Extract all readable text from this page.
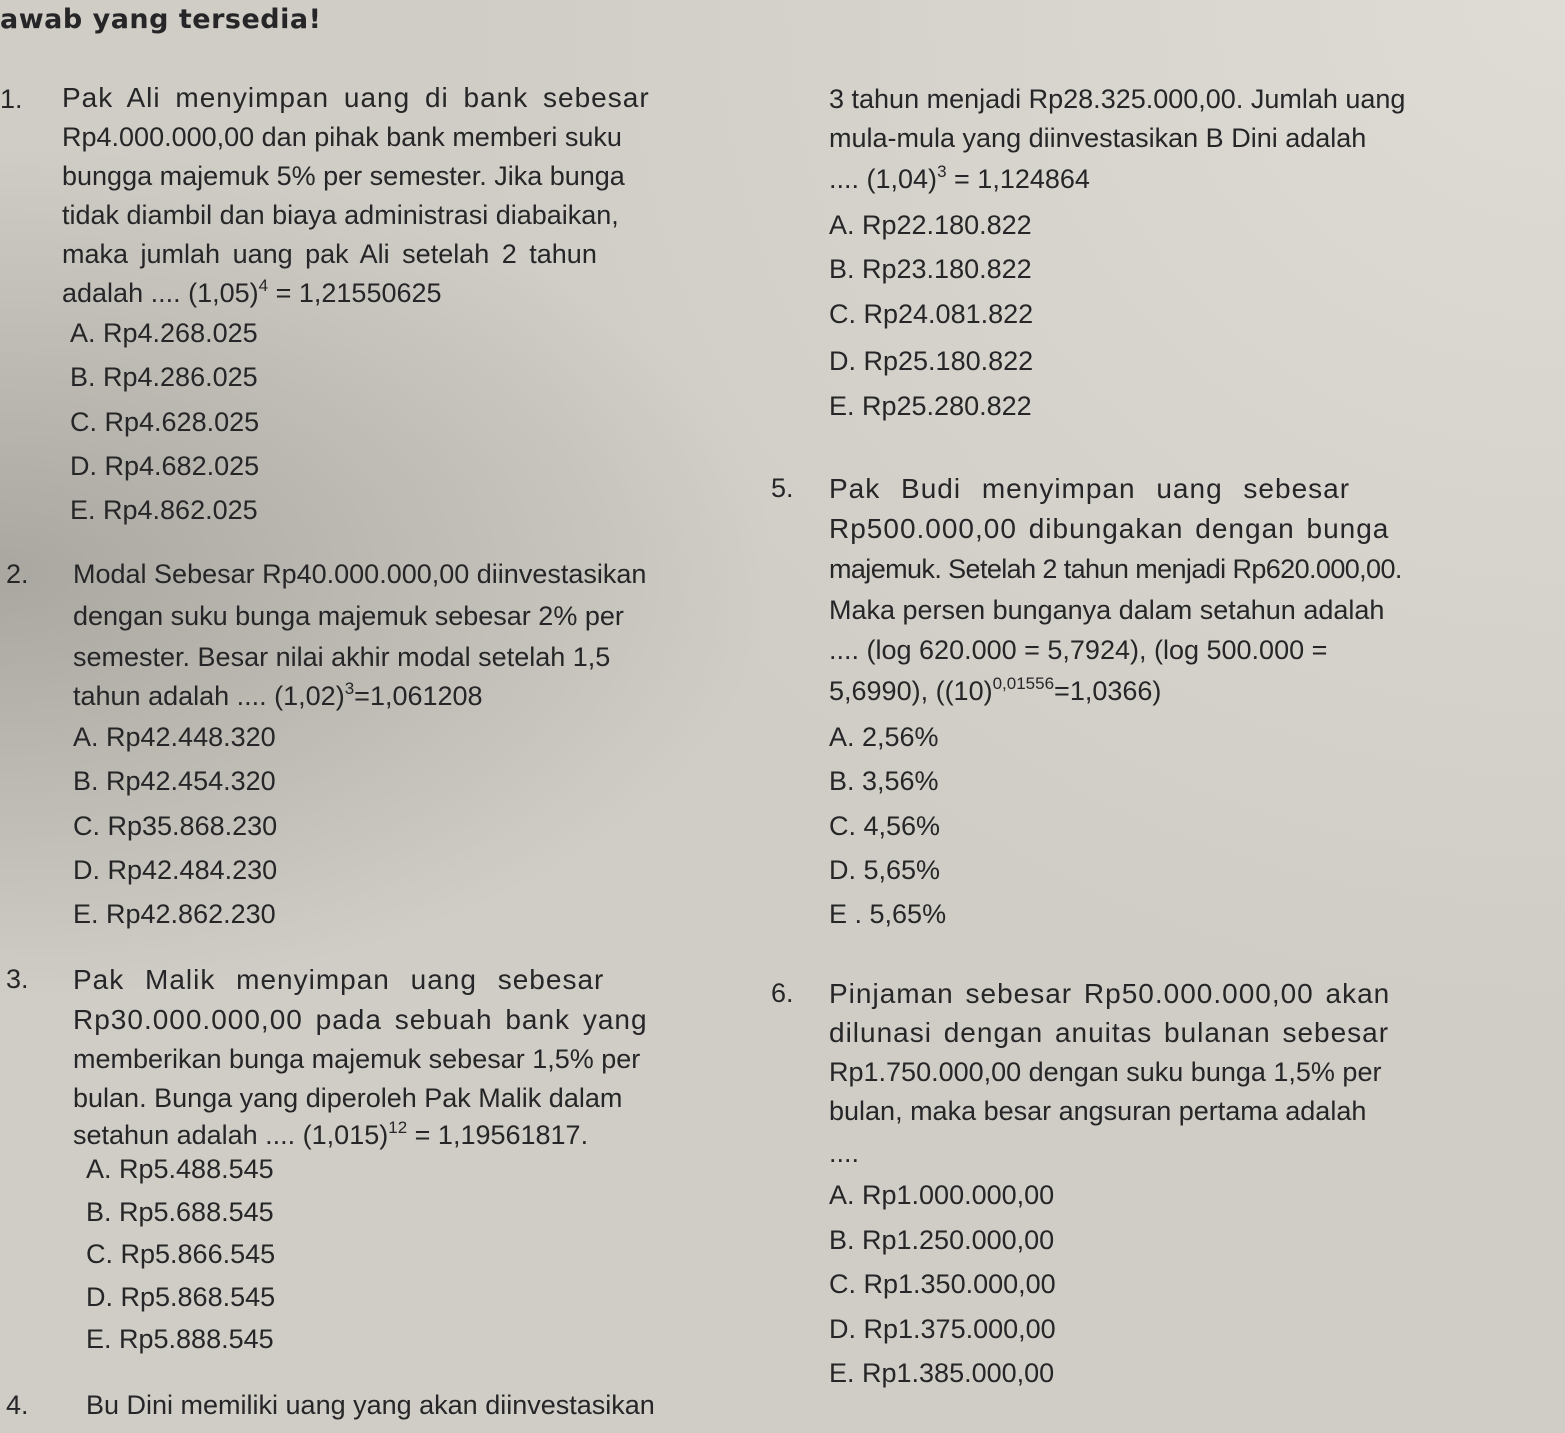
awab yang tersedia!
1. Pak Ali menyimpan uang di bank sebesar
Rp4.000.000,00 dan pihak bank memberi suku
bungga majemuk 5% per semester. Jika bunga
tidak diambil dan biaya administrasi diabaikan,
maka jumlah uang pak Ali setelah 2 tahun
adalah .... $(1,05)^4 = 1,21550625$
A. Rp4.268.025
B. Rp4.286.025
C. Rp4.628.025
D. Rp4.682.025
E. Rp4.862.025
2. Modal Sebesar Rp40.000.000,00 diinvestasikan
dengan suku bunga majemuk sebesar 2% per
semester. Besar nilai akhir modal setelah 1,5
tahun adalah .... $(1,02)^3=1,061208$
A. Rp42.448.320
B. Rp42.454.320
C. Rp35.868.230
D. Rp42.484.230
E. Rp42.862.230
3. Pak Malik menyimpan uang sebesar
Rp30.000.000,00 pada sebuah bank yang
memberikan bunga majemuk sebesar 1,5% per
bulan. Bunga yang diperoleh Pak Malik dalam
setahun adalah .... $(1,015)^{12} = 1,19561817$.
A. Rp5.488.545
B. Rp5.688.545
C. Rp5.866.545
D. Rp5.868.545
E. Rp5.888.545
4. Bu Dini memiliki uang yang akan diinvestasikan
3 tahun menjadi Rp28.325.000,00. Jumlah uang
mula-mula yang diinvestasikan B Dini adalah
.... $(1,04)^3 = 1,124864$
A. Rp22.180.822
B. Rp23.180.822
C. Rp24.081.822
D. Rp25.180.822
E. Rp25.280.822
5. Pak Budi menyimpan uang sebesar
Rp500.000,00 dibungakan dengan bunga
majemuk. Setelah 2 tahun menjadi Rp620.000,00.
Maka persen bunganya dalam setahun adalah
.... (log 620.000 = 5,7924), (log 500.000 =
5,6990), $((10)^{0,01556}=1,0366)$
A. 2,56%
B. 3,56%
C. 4,56%
D. 5,65%
E . 5,65%
6. Pinjaman sebesar Rp50.000.000,00 akan
dilunasi dengan anuitas bulanan sebesar
Rp1.750.000,00 dengan suku bunga 1,5% per
bulan, maka besar angsuran pertama adalah
....
A. Rp1.000.000,00
B. Rp1.250.000,00
C. Rp1.350.000,00
D. Rp1.375.000,00
E. Rp1.385.000,00
